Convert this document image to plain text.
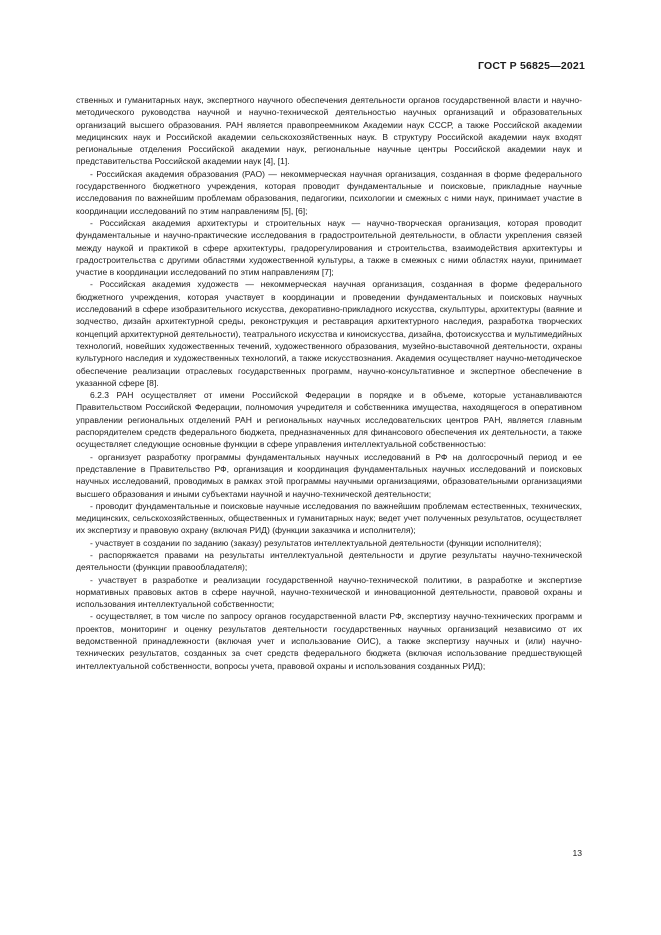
ГОСТ Р 56825—2021

ственных и гуманитарных наук, экспертного научного обеспечения деятельности органов государственной власти и научно-методического руководства научной и научно-технической деятельностью научных организаций и образовательных организаций высшего образования. РАН является правопреемником Академии наук СССР, а также Российской академии медицинских наук и Российской академии сельскохозяйственных наук. В структуру Российской академии наук входят региональные отделения Российской академии наук, региональные научные центры Российской академии наук и представительства Российской академии наук [4], [1].

- Российская академия образования (РАО) — некоммерческая научная организация, созданная в форме федерального государственного бюджетного учреждения, которая проводит фундаментальные и поисковые, прикладные научные исследования по важнейшим проблемам образования, педагогики, психологии и смежных с ними наук, принимает участие в координации исследований по этим направлениям [5], [6];

- Российская академия архитектуры и строительных наук — научно-творческая организация, которая проводит фундаментальные и научно-практические исследования в градостроительной деятельности, в области укрепления связей между наукой и практикой в сфере архитектуры, градорегулирования и строительства, взаимодействия архитектуры и градостроительства с другими областями художественной культуры, а также в смежных с ними областях науки, принимает участие в координации исследований по этим направлениям [7];

- Российская академия художеств — некоммерческая научная организация, созданная в форме федерального бюджетного учреждения, которая участвует в координации и проведении фундаментальных и поисковых научных исследований в сфере изобразительного искусства, декоративно-прикладного искусства, скульптуры, архитектуры (ваяние и зодчество, дизайн архитектурной среды, реконструкция и реставрация архитектурного наследия, разработка творческих концепций архитектурной деятельности), театрального искусства и киноискусства, дизайна, фотоискусства и мультимедийных технологий, новейших художественных течений, художественного образования, музейно-выставочной деятельности, охраны культурного наследия и художественных технологий, а также искусствознания. Академия осуществляет научно-методическое обеспечение реализации отраслевых государственных программ, научно-консультативное и экспертное обеспечение в указанной сфере [8].

6.2.3 РАН осуществляет от имени Российской Федерации в порядке и в объеме, которые устанавливаются Правительством Российской Федерации, полномочия учредителя и собственника имущества, находящегося в оперативном управлении региональных отделений РАН и региональных научных исследовательских центров РАН, является главным распорядителем средств федерального бюджета, предназначенных для финансового обеспечения их деятельности, а также осуществляет следующие основные функции в сфере управления интеллектуальной собственностью:

- организует разработку программы фундаментальных научных исследований в РФ на долгосрочный период и ее представление в Правительство РФ, организация и координация фундаментальных научных исследований и поисковых научных исследований, проводимых в рамках этой программы научными организациями, образовательными организациями высшего образования и иными субъектами научной и научно-технической деятельности;

- проводит фундаментальные и поисковые научные исследования по важнейшим проблемам естественных, технических, медицинских, сельскохозяйственных, общественных и гуманитарных наук; ведет учет полученных результатов, осуществляет их экспертизу и правовую охрану (включая РИД) (функции заказчика и исполнителя);

- участвует в создании по заданию (заказу) результатов интеллектуальной деятельности (функции исполнителя);

- распоряжается правами на результаты интеллектуальной деятельности и другие результаты научно-технической деятельности (функции правообладателя);

- участвует в разработке и реализации государственной научно-технической политики, в разработке и экспертизе нормативных правовых актов в сфере научной, научно-технической и инновационной деятельности, правовой охраны и использования интеллектуальной собственности;

- осуществляет, в том числе по запросу органов государственной власти РФ, экспертизу научно-технических программ и проектов, мониторинг и оценку результатов деятельности государственных научных организаций независимо от их ведомственной принадлежности (включая учет и использование ОИС), а также экспертизу научных и (или) научно-технических результатов, созданных за счет средств федерального бюджета (включая использование предшествующей интеллектуальной собственности, вопросы учета, правовой охраны и использования созданных РИД);

13
